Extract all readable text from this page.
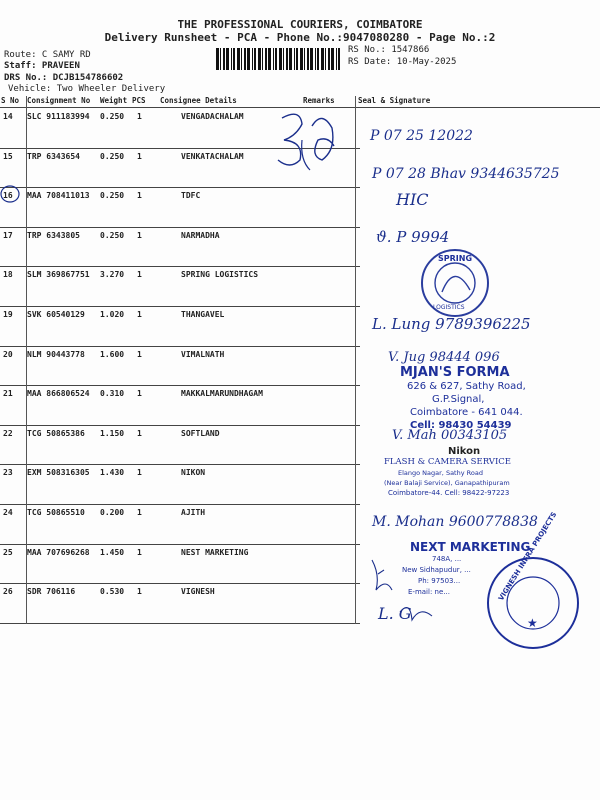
THE PROFESSIONAL COURIERS, COIMBATORE
Delivery Runsheet - PCA - Phone No.:9047080280 - Page No.:2
Route: C SAMY RD
Staff: PRAVEEN
DRS No.: DCJB154786602
Vehicle: Two Wheeler Delivery
RS No.: 1547866
RS Date: 10-May-2025
S No Consignment No Weight PCS Consignee Details	Remarks	Seal & Signature
14 SLC 911183994 0.250 1	VENGADACHALAM
15 TRP 6343654	0.250 1	VENKATACHALAM
16 MAA 708411013 0.250 1	TDFC
17 TRP 6343805	0.250 1	NARMADHA
18 SLM 369867751 3.270 1	SPRING LOGISTICS
19 SVK 60540129 1.020 1	THANGAVEL
20 NLM 90443778 1.600 1	VIMALNATH
21 MAA 866806524 0.310 1	MAKKALMARUNDHAGAM
22 TCG 50865386 1.150 1	SOFTLAND
23 EXM 508316305 1.430 1	NIKON
24 TCG 50865510 0.200 1	AJITH
25 MAA 707696268 1.450 1	NEST MARKETING
26 SDR 706116	0.530 1	VIGNESH
★
P 07 25 12022
P 07 28 Bhav 9344635725
HIC
ϑ. P 9994
L. Lung 9789396225
V. Jug 98444 096
V. Mah 00343105
M. Mohan 9600778838
L. G
SPRING
LOGISTICS
MJAN'S FORMA
626 & 627, Sathy Road,
G.P.Signal,
Coimbatore - 641 044.
Cell: 98430 54439
Nikon
FLASH & CAMERA SERVICE
Elango Nagar, Sathy Road
(Near Balaji Service), Ganapathipuram
Coimbatore-44. Cell: 98422-97223
NEXT MARKETING
748A, ...
New Sidhapudur, ...
Ph: 97503...
E-mail: ne...	VIGNESH INFRA PROJECTS
